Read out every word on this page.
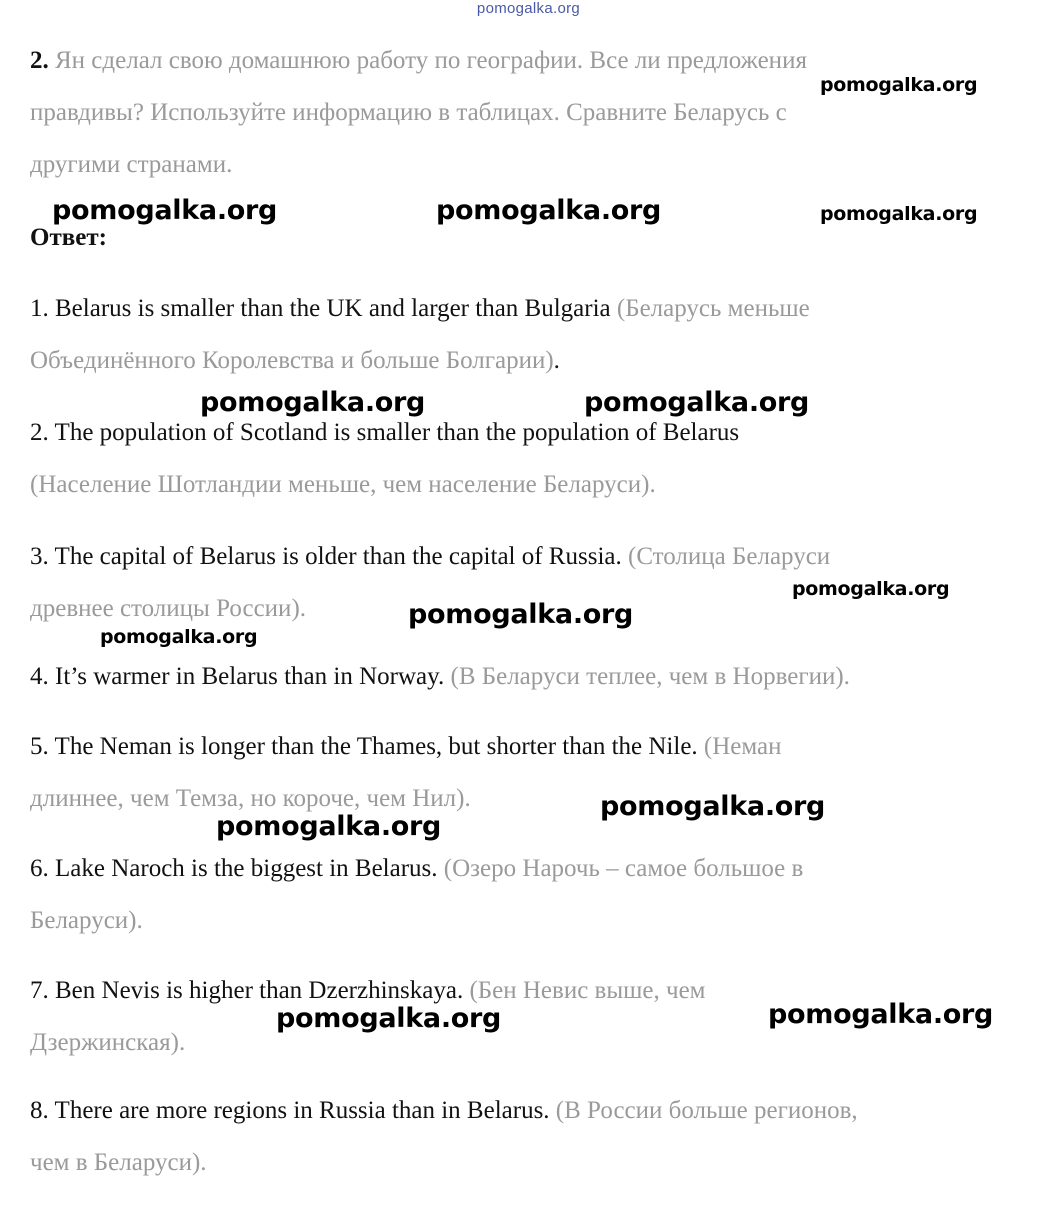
pomogalka.org
2. Ян сделал свою домашнюю работу по географии. Все ли предложения
правдивы? Используйте информацию в таблицах. Сравните Беларусь с
другими странами.
Ответ:
1. Belarus is smaller than the UK and larger than Bulgaria (Беларусь меньше
Объединённого Королевства и больше Болгарии).
2. The population of Scotland is smaller than the population of Belarus
(Население Шотландии меньше, чем население Беларуси).
3. The capital of Belarus is older than the capital of Russia. (Столица Беларуси
древнее столицы России).
4. It’s warmer in Belarus than in Norway. (В Беларуси теплее, чем в Норвегии).
5. The Neman is longer than the Thames, but shorter than the Nile. (Неман
длиннее, чем Темза, но короче, чем Нил).
6. Lake Naroch is the biggest in Belarus. (Озеро Нарочь – самое большое в
Беларуси).
7. Ben Nevis is higher than Dzerzhinskaya. (Бен Невис выше, чем
Дзержинская).
8. There are more regions in Russia than in Belarus. (В России больше регионов,
чем в Беларуси).
pomogalka.org
pomogalka.org	pomogalka.org	pomogalka.org
pomogalka.org	pomogalka.org
pomogalka.org
pomogalka.org
pomogalka.org
pomogalka.org
pomogalka.org
pomogalka.org	pomogalka.org
